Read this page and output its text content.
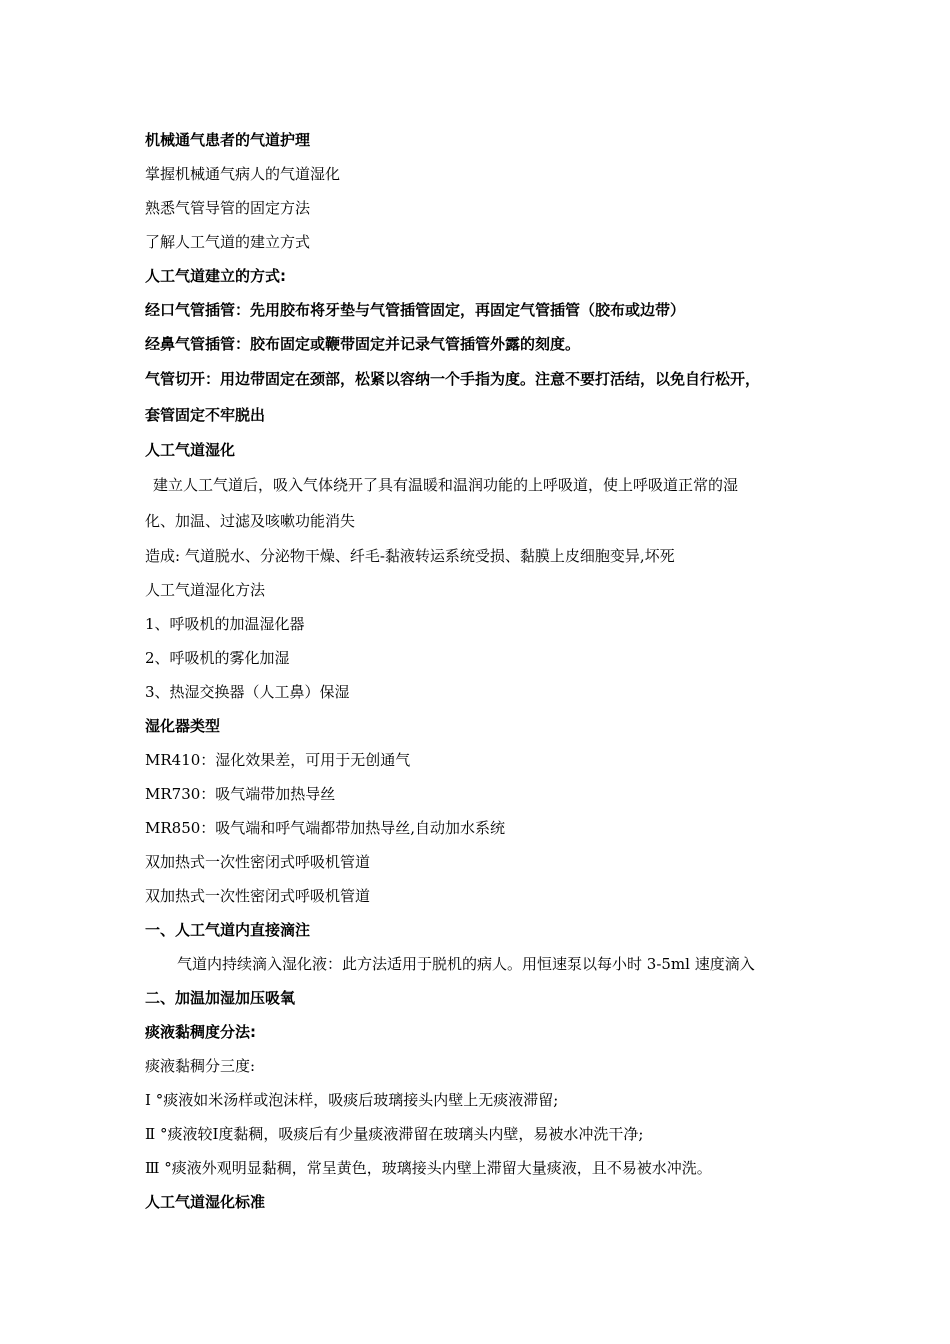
机械通气患者的气道护理
掌握机械通气病人的气道湿化
熟悉气管导管的固定方法
了解人工气道的建立方式
人工气道建立的方式:
经口气管插管：先用胶布将牙垫与气管插管固定，再固定气管插管（胶布或边带）
经鼻气管插管：胶布固定或鞭带固定并记录气管插管外露的刻度。
气管切开：用边带固定在颈部，松紧以容纳一个手指为度。注意不要打活结，以免自行松开，
套管固定不牢脱出
人工气道湿化
建立人工气道后，吸入气体绕开了具有温暖和温润功能的上呼吸道，使上呼吸道正常的湿
化、加温、过滤及咳嗽功能消失
造成: 气道脱水、分泌物干燥、纤毛-黏液转运系统受损、黏膜上皮细胞变异,坏死
人工气道湿化方法
1、呼吸机的加温湿化器
2、呼吸机的雾化加湿
3、热湿交换器（人工鼻）保湿
湿化器类型
MR410：湿化效果差，可用于无创通气
MR730：吸气端带加热导丝
MR850：吸气端和呼气端都带加热导丝,自动加水系统
双加热式一次性密闭式呼吸机管道
双加热式一次性密闭式呼吸机管道
一、人工气道内直接滴注
气道内持续滴入湿化液：此方法适用于脱机的病人。用恒速泵以每小时 3-5ml 速度滴入
二、加温加湿加压吸氧
痰液黏稠度分法:
痰液黏稠分三度:
Ⅰ °痰液如米汤样或泡沫样，吸痰后玻璃接头内壁上无痰液滞留;
Ⅱ °痰液较Ⅰ度黏稠，吸痰后有少量痰液滞留在玻璃头内壁，易被水冲洗干净;
Ⅲ °痰液外观明显黏稠，常呈黄色，玻璃接头内壁上滞留大量痰液，且不易被水冲洗。
人工气道湿化标准
